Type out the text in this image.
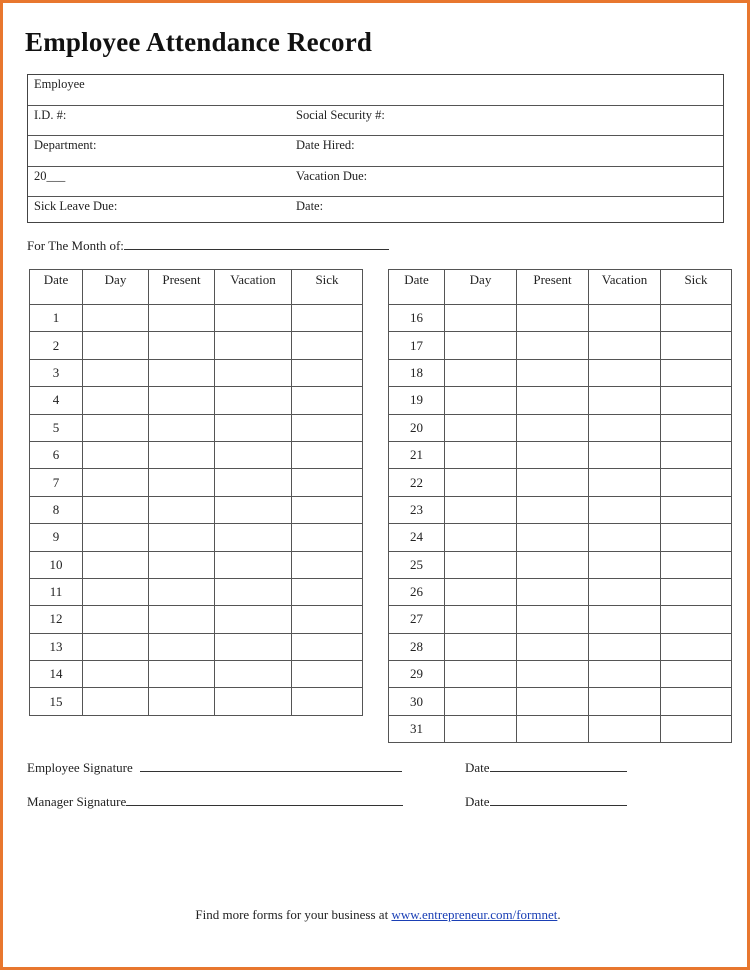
Employee Attendance Record
Employee
I.D. #:	Social Security #:
Department:	Date Hired:
20___	Vacation Due:
Sick Leave Due:	Date:
For The Month of:
Date	Day	Present	Vacation	Sick
1				
2				
3				
4				
5				
6				
7				
8				
9				
10				
11				
12				
13				
14				
15				
Date	Day	Present	Vacation	Sick
16				
17				
18				
19				
20				
21				
22				
23				
24				
25				
26				
27				
28				
29				
30				
31				
Employee Signature	Date
Manager Signature	Date
Find more forms for your business at www.entrepreneur.com/formnet.
